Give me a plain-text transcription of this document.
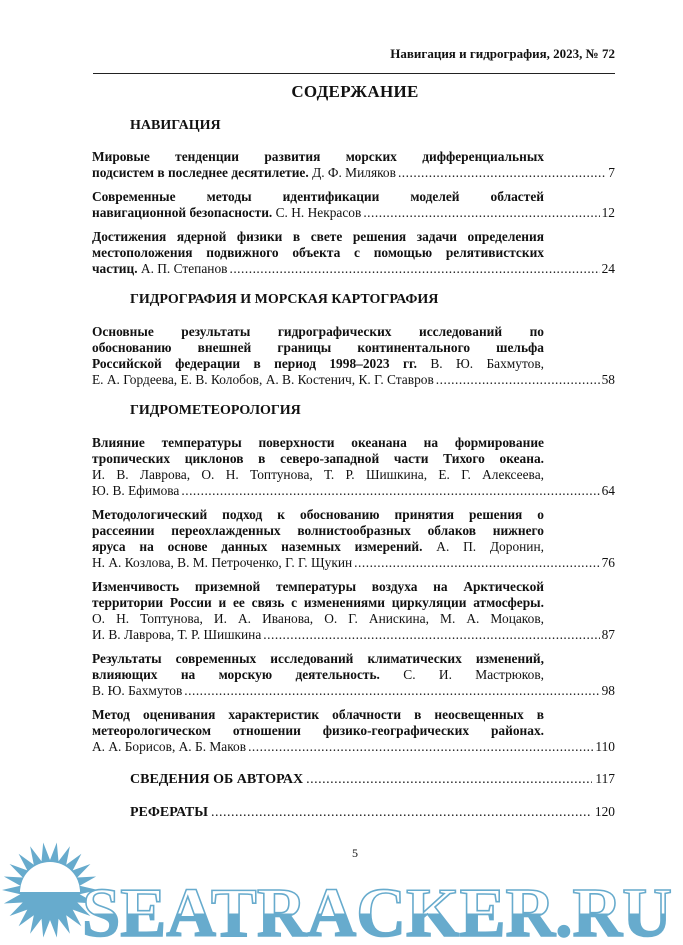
Навигация и гидрография, 2023, № 72
СОДЕРЖАНИЕ
НАВИГАЦИЯ
Мировые тенденции развития морских дифференциальных
подсистем в последнее десятилетие. Д. Ф. Миляков .....	7
Современные методы идентификации моделей областей
навигационной безопасности. С. Н. Некрасов .....	12
Достижения ядерной физики в свете решения задачи определения
местоположения подвижного объекта с помощью релятивистских
частиц. А. П. Степанов .....	24
ГИДРОГРАФИЯ И МОРСКАЯ КАРТОГРАФИЯ
Основные результаты гидрографических исследований по
обоснованию внешней границы континентального шельфа
Российской федерации в период 1998–2023 гг. В. Ю. Бахмутов,
Е. А. Гордеева, Е. В. Колобов, А. В. Костенич, К. Г. Ставров .....	58
ГИДРОМЕТЕОРОЛОГИЯ
Влияние температуры поверхности океанана на формирование
тропических циклонов в северо-западной части Тихого океана.
И. В. Лаврова, О. Н. Топтунова, Т. Р. Шишкина, Е. Г. Алексеева,
Ю. В. Ефимова .....	64
Методологический подход к обоснованию принятия решения о
рассеянии переохлажденных волнистообразных облаков нижнего
яруса на основе данных наземных измерений. А. П. Доронин,
Н. А. Козлова, В. М. Петроченко, Г. Г. Щукин .....	76
Изменчивость приземной температуры воздуха на Арктической
территории России и ее связь с изменениями циркуляции атмосферы.
О. Н. Топтунова, И. А. Иванова, О. Г. Анискина, М. А. Моцаков,
И. В. Лаврова, Т. Р. Шишкина .....	87
Результаты современных исследований климатических изменений,
влияющих на морскую деятельность. С. И. Мастрюков,
В. Ю. Бахмутов .....	98
Метод оценивания характеристик облачности в неосвещенных в
метеорологическом отношении физико-географических районах.
А. А. Борисов, А. Б. Маков .....	110
СВЕДЕНИЯ ОБ АВТОРАХ .....	117
РЕФЕРАТЫ .....	120
SEATRACKER.RU
5
